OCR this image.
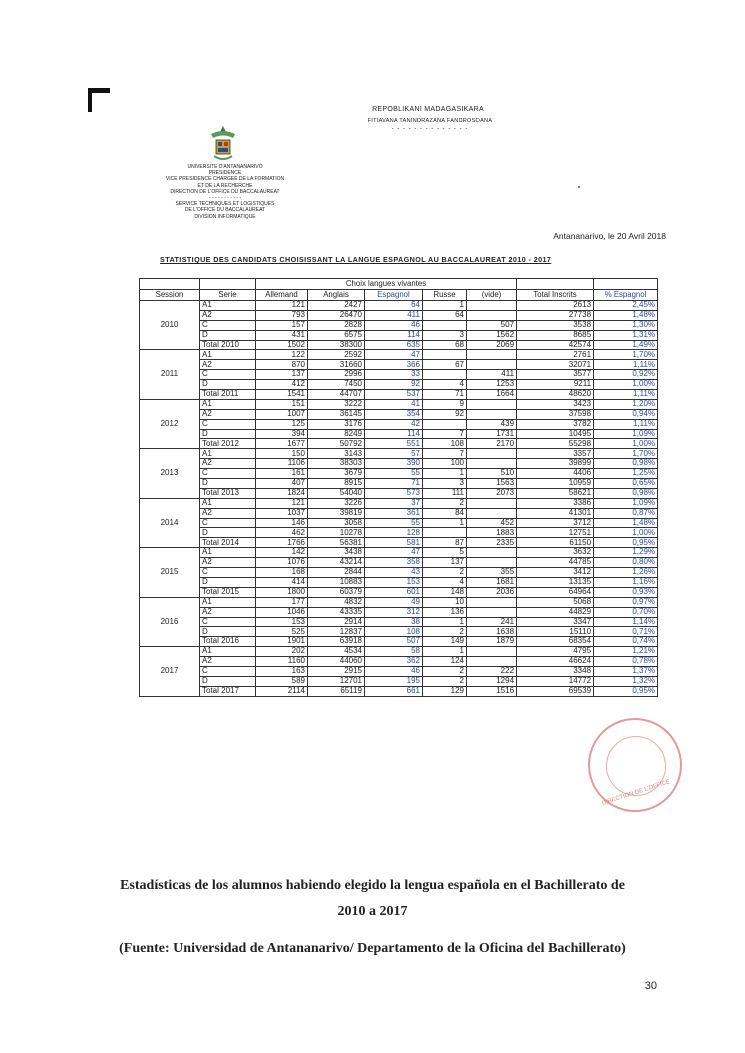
REPOBLIKANI MADAGASIKARA
FITIAVANA TANINDRAZANA FANDROSOANA
- - - - - - - - - - - - - -
UNIVERSITE D'ANTANANARIVO
PRESIDENCE
VICE PRESIDENCE CHARGEE DE LA FORMATION
ET DE LA RECHERCHE
DIRECTION DE L'OFFICE DU BACCALAUREAT
- - - - - - - - - - -
SERVICE TECHNIQUES ET LOGISTIQUES
DE L'OFFICE DU BACCALAUREAT
DIVISION INFORMATIQUE
Antananarivo, le 20 Avril 2018
STATISTIQUE DES CANDIDATS CHOISISSANT LA LANGUE ESPAGNOL AU BACCALAUREAT 2010 - 2017
		Choix langues vivantes						
Session	Serie	Allemand	Anglais	Espagnol	Russe	(vide)	Total Inscrits	% Espagnol
2010	A1	121	2427	64	1		2613	2,45%
	A2	793	26470	411	64		27738	1,48%
	C	157	2828	46		507	3538	1,30%
	D	431	6575	114	3	1562	8685	1,31%
	Total 2010	1502	38300	635	68	2069	42574	1,49%
2011	A1	122	2592	47			2761	1,70%
	A2	870	31660	366	67		32071	1,11%
	C	137	2996	33		411	3577	0,92%
	D	412	7450	92	4	1253	9211	1,00%
	Total 2011	1541	44707	537	71	1664	48620	1,11%
2012	A1	151	3222	41	9		3423	1,20%
	A2	1007	36145	354	92		37598	0,94%
	C	125	3176	42		439	3782	1,11%
	D	394	8249	114	7	1731	10495	1,09%
	Total 2012	1677	50792	551	108	2170	55298	1,00%
2013	A1	150	3143	57	7		3357	1,70%
	A2	1106	38303	390	100		39899	0,98%
	C	161	3679	55	1	510	4406	1,25%
	D	407	8915	71	3	1563	10959	0,65%
	Total 2013	1824	54040	573	111	2073	58621	0,98%
2014	A1	121	3226	37	2		3386	1,09%
	A2	1037	39819	361	84		41301	0,87%
	C	146	3058	55	1	452	3712	1,48%
	D	462	10278	128		1883	12751	1,00%
	Total 2014	1766	56381	581	87	2335	61150	0,95%
2015	A1	142	3438	47	5		3632	1,29%
	A2	1076	43214	358	137		44785	0,80%
	C	168	2844	43	2	355	3412	1,26%
	D	414	10883	153	4	1681	13135	1,16%
	Total 2015	1800	60379	601	148	2036	64964	0,93%
2016	A1	177	4832	49	10		5068	0,97%
	A2	1046	43335	312	136		44829	0,70%
	C	153	2914	38	1	241	3347	1,14%
	D	525	12837	108	2	1638	15110	0,71%
	Total 2016	1901	63918	507	149	1879	68354	0,74%
2017	A1	202	4534	58	1		4795	1,21%
	A2	1160	44060	362	124		46624	0,78%
	C	163	2915	46	2	222	3348	1,37%
	D	589	12701	195	2	1294	14772	1,32%
	Total 2017	2114	65119	661	129	1516	69539	0,95%
DIRECTION DE L'OFFICE
Estadísticas de los alumnos habiendo elegido la lengua española en el Bachillerato de
2010 a 2017
(Fuente: Universidad de Antananarivo/ Departamento de la Oficina del Bachillerato)
30
